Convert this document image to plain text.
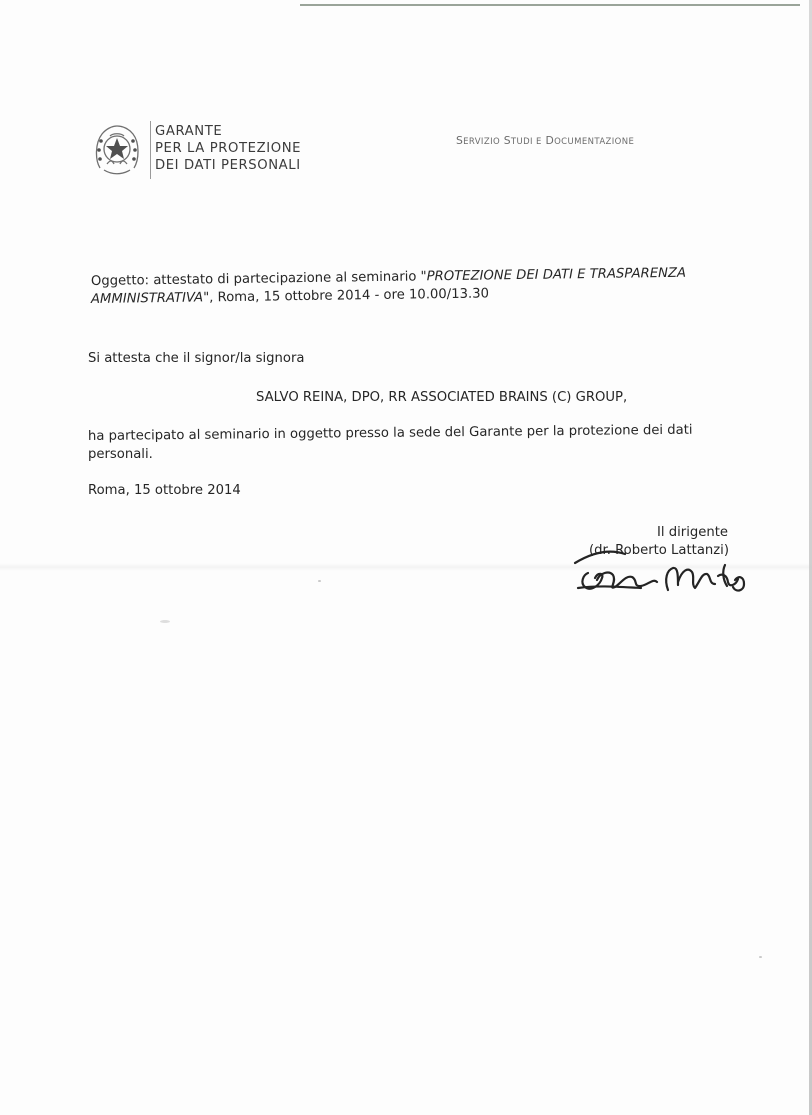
GARANTE
PER LA PROTEZIONE
DEI DATI PERSONALI
SERVIZIO STUDI E DOCUMENTAZIONE
Oggetto: attestato di partecipazione al seminario "PROTEZIONE DEI DATI E TRASPARENZA
AMMINISTRATIVA", Roma, 15 ottobre 2014 - ore 10.00/13.30
Si attesta che il signor/la signora
SALVO REINA, DPO, RR ASSOCIATED BRAINS (C) GROUP,
ha partecipato al seminario in oggetto presso la sede del Garante per la protezione dei dati
personali.
Roma, 15 ottobre 2014
Il dirigente
(dr. Roberto Lattanzi)
